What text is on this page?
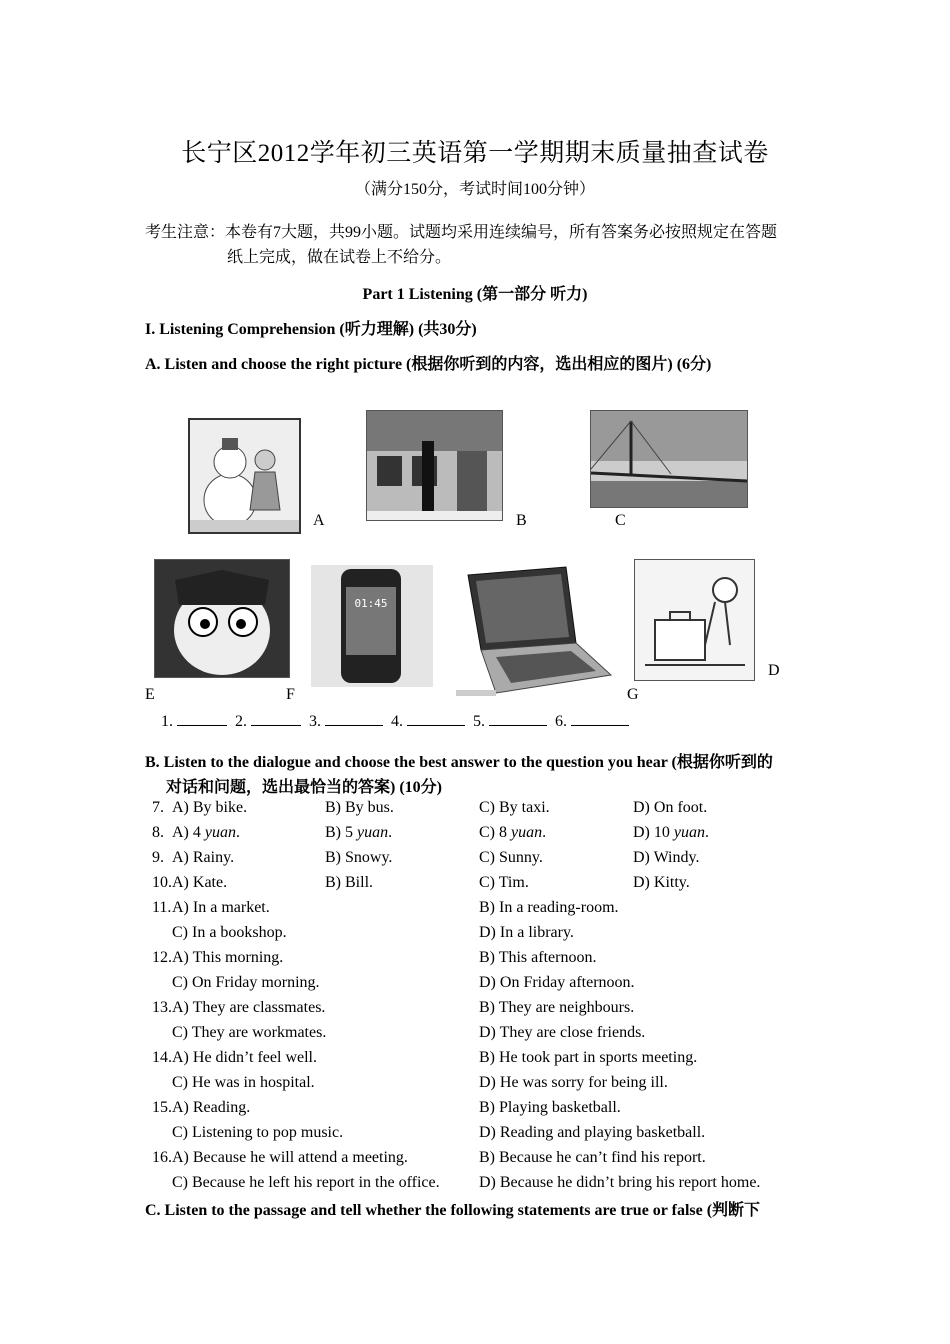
长宁区2012学年初三英语第一学期期末质量抽查试卷
（满分150分，考试时间100分钟）
考生注意：本卷有7大题，共99小题。试题均采用连续编号，所有答案务必按照规定在答题
纸上完成，做在试卷上不给分。
Part 1 Listening (第一部分 听力)
I. Listening Comprehension (听力理解) (共30分)
A. Listen and choose the right picture (根据你听到的内容，选出相应的图片) (6分)
A	B	C
01:45
D
E	F	G
1.	2.	3.	4.	5.	6.
B. Listen to the dialogue and choose the best answer to the question you hear (根据你听到的
对话和问题，选出最恰当的答案) (10分)
7. A) By bike.	B) By bus.	C) By taxi.	D) On foot.
8. A) 4 yuan.	B) 5 yuan.	C) 8 yuan.	D) 10 yuan.
9. A) Rainy.	B) Snowy.	C) Sunny.	D) Windy.
10. A) Kate.	B) Bill.	C) Tim.	D) Kitty.
11. A) In a market.	B) In a reading-room.
C) In a bookshop.	D) In a library.
12. A) This morning.	B) This afternoon.
C) On Friday morning.	D) On Friday afternoon.
13. A) They are classmates.	B) They are neighbours.
C) They are workmates.	D) They are close friends.
14. A) He didn’t feel well.	B) He took part in sports meeting.
C) He was in hospital.	D) He was sorry for being ill.
15. A) Reading.	B) Playing basketball.
C) Listening to pop music.	D) Reading and playing basketball.
16. A) Because he will attend a meeting.	B) Because he can’t find his report.
C) Because he left his report in the office. D) Because he didn’t bring his report home.
C. Listen to the passage and tell whether the following statements are true or false (判断下
